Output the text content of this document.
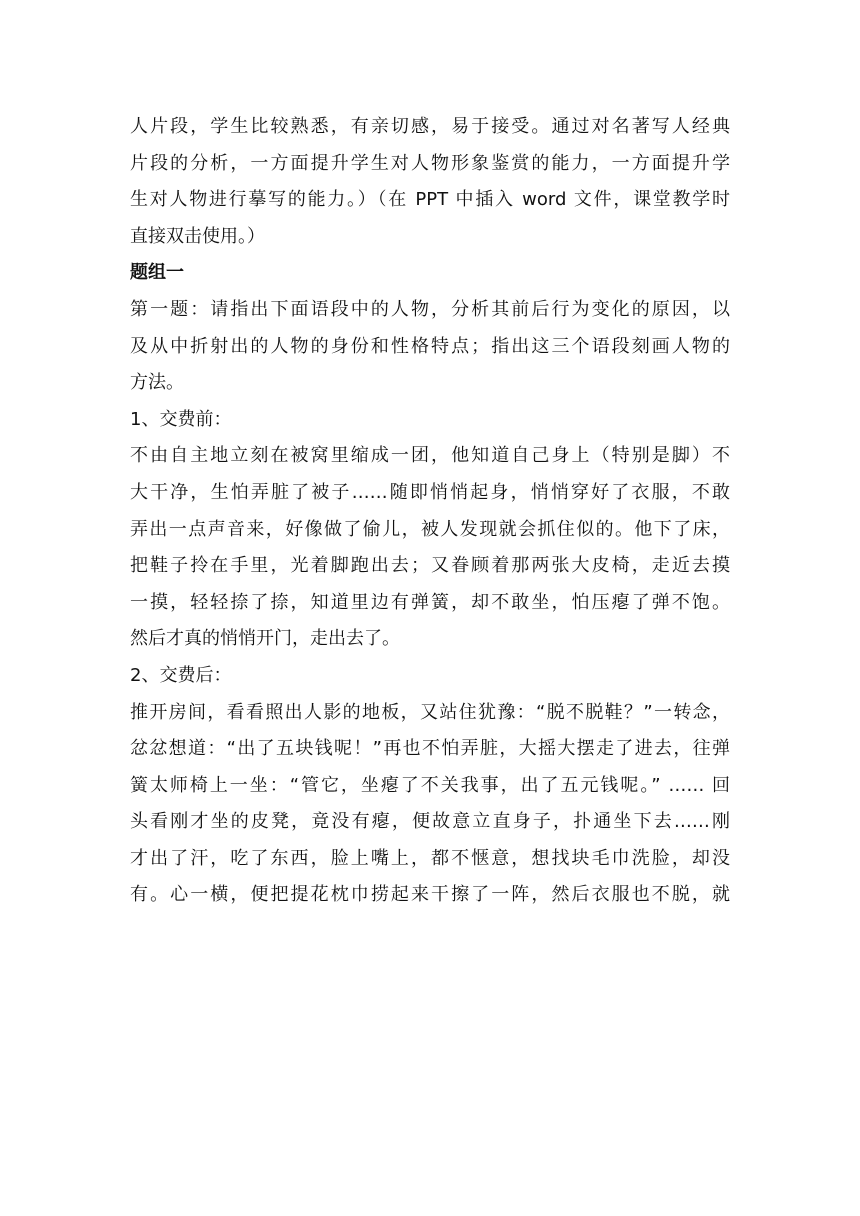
人片段，学生比较熟悉，有亲切感，易于接受。通过对名著写人经典
片段的分析，一方面提升学生对人物形象鉴赏的能力，一方面提升学
生对人物进行摹写的能力。）（在 PPT 中插入 word 文件，课堂教学时
直接双击使用。）
题组一
第一题：请指出下面语段中的人物，分析其前后行为变化的原因，以
及从中折射出的人物的身份和性格特点；指出这三个语段刻画人物的
方法。
1、交费前：
不由自主地立刻在被窝里缩成一团，他知道自己身上（特别是脚）不
大干净，生怕弄脏了被子……随即悄悄起身，悄悄穿好了衣服，不敢
弄出一点声音来，好像做了偷儿，被人发现就会抓住似的。他下了床，
把鞋子拎在手里，光着脚跑出去；又眷顾着那两张大皮椅，走近去摸
一摸，轻轻捺了捺，知道里边有弹簧，却不敢坐，怕压瘪了弹不饱。
然后才真的悄悄开门，走出去了。
2、交费后：
推开房间，看看照出人影的地板，又站住犹豫：“脱不脱鞋？”一转念，
忿忿想道：“出了五块钱呢！”再也不怕弄脏，大摇大摆走了进去，往弹
簧太师椅上一坐：“管它，坐瘪了不关我事，出了五元钱呢。” …… 回
头看刚才坐的皮凳，竟没有瘪，便故意立直身子，扑通坐下去……刚
才出了汗，吃了东西，脸上嘴上，都不惬意，想找块毛巾洗脸，却没
有。心一横，便把提花枕巾捞起来干擦了一阵，然后衣服也不脱，就
